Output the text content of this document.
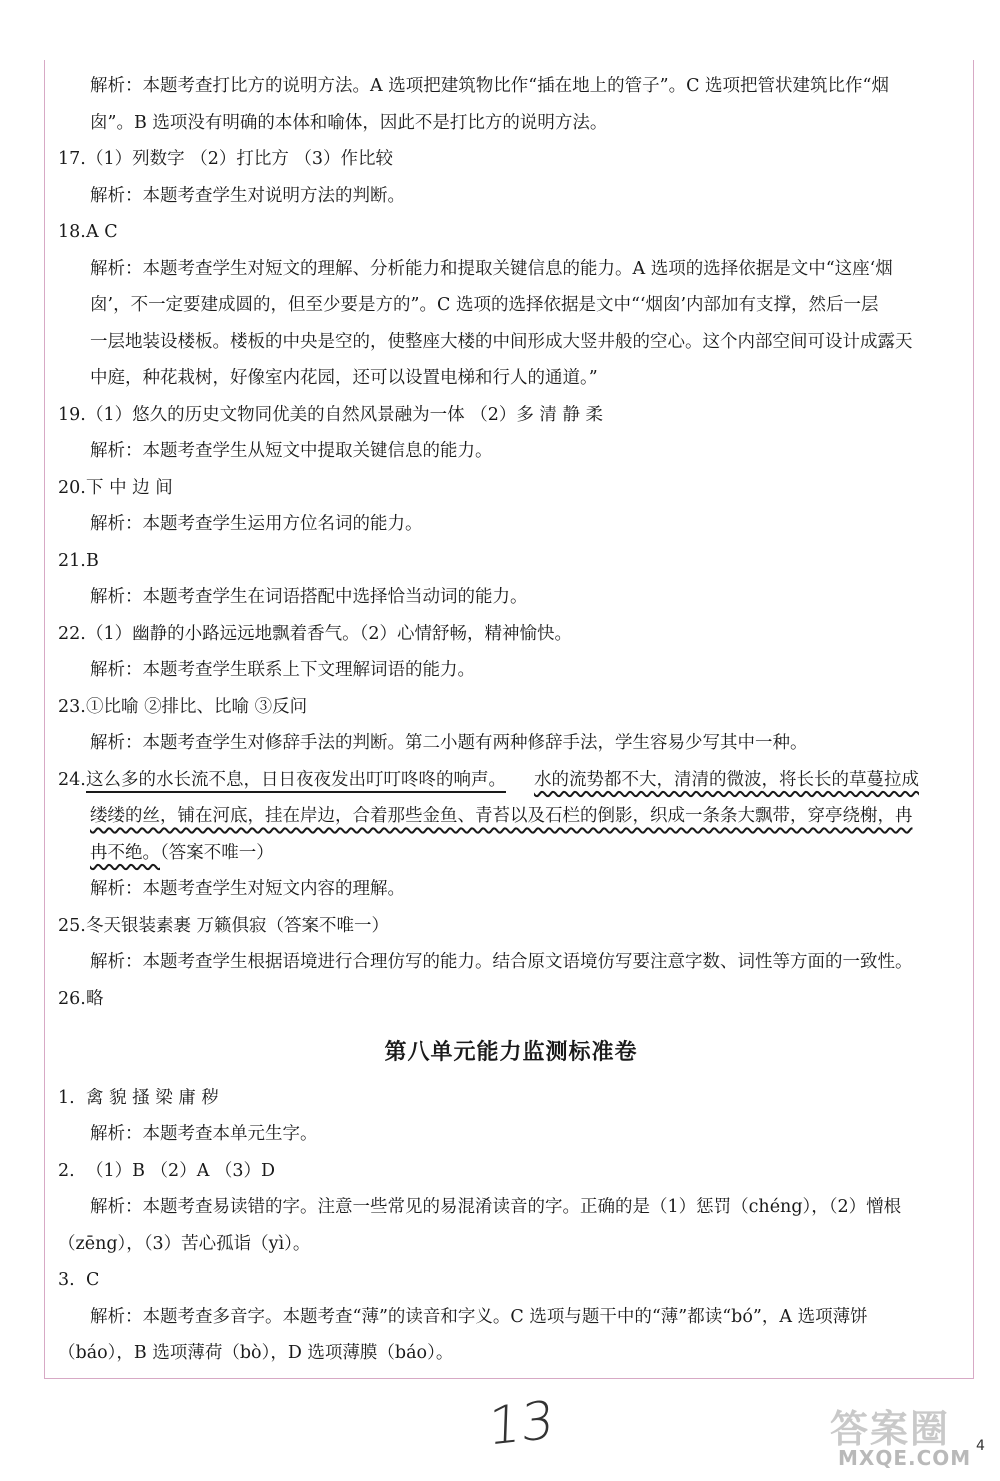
解析：本题考查打比方的说明方法。A 选项把建筑物比作“插在地上的管子”。C 选项把管状建筑比作“烟

囱”。B 选项没有明确的本体和喻体，因此不是打比方的说明方法。

17.（1）列数字 （2）打比方 （3）作比较

解析：本题考查学生对说明方法的判断。

18.A C

解析：本题考查学生对短文的理解、分析能力和提取关键信息的能力。A 选项的选择依据是文中“这座‘烟

囱’，不一定要建成圆的，但至少要是方的”。C 选项的选择依据是文中“‘烟囱’内部加有支撑，然后一层

一层地装设楼板。楼板的中央是空的，使整座大楼的中间形成大竖井般的空心。这个内部空间可设计成露天

中庭，种花栽树，好像室内花园，还可以设置电梯和行人的通道。”

19.（1）悠久的历史文物同优美的自然风景融为一体 （2）多 清 静 柔

解析：本题考查学生从短文中提取关键信息的能力。

20.下 中 边 间

解析：本题考查学生运用方位名词的能力。

21.B

解析：本题考查学生在词语搭配中选择恰当动词的能力。

22.（1）幽静的小路远远地飘着香气。（2）心情舒畅，精神愉快。

解析：本题考查学生联系上下文理解词语的能力。

23.①比喻 ②排比、比喻 ③反问

解析：本题考查学生对修辞手法的判断。第二小题有两种修辞手法，学生容易少写其中一种。

24.这么多的水长流不息，日日夜夜发出叮叮咚咚的响声。 水的流势都不大，清清的微波，将长长的草蔓拉成

缕缕的丝，铺在河底，挂在岸边，合着那些金鱼、青苔以及石栏的倒影，织成一条条大飘带，穿亭绕榭，冉

冉不绝。（答案不唯一）

解析：本题考查学生对短文内容的理解。

25.冬天银装素裹 万籁俱寂（答案不唯一）

解析：本题考查学生根据语境进行合理仿写的能力。结合原文语境仿写要注意字数、词性等方面的一致性。

26.略

第八单元能力监测标准卷

1. 禽 貌 搔 梁 庸 秽

解析：本题考查本单元生字。

2. （1）B （2）A （3）D

解析：本题考查易读错的字。注意一些常见的易混淆读音的字。正确的是（1）惩罚（chéng），（2）憎根

（zēng），（3）苦心孤诣（yì）。

3. C

解析：本题考查多音字。本题考查“薄”的读音和字义。C 选项与题干中的“薄”都读“bó”，A 选项薄饼

（báo），B 选项薄荷（bò），D 选项薄膜（báo）。

13	答案圈
MXQE.COM 4
